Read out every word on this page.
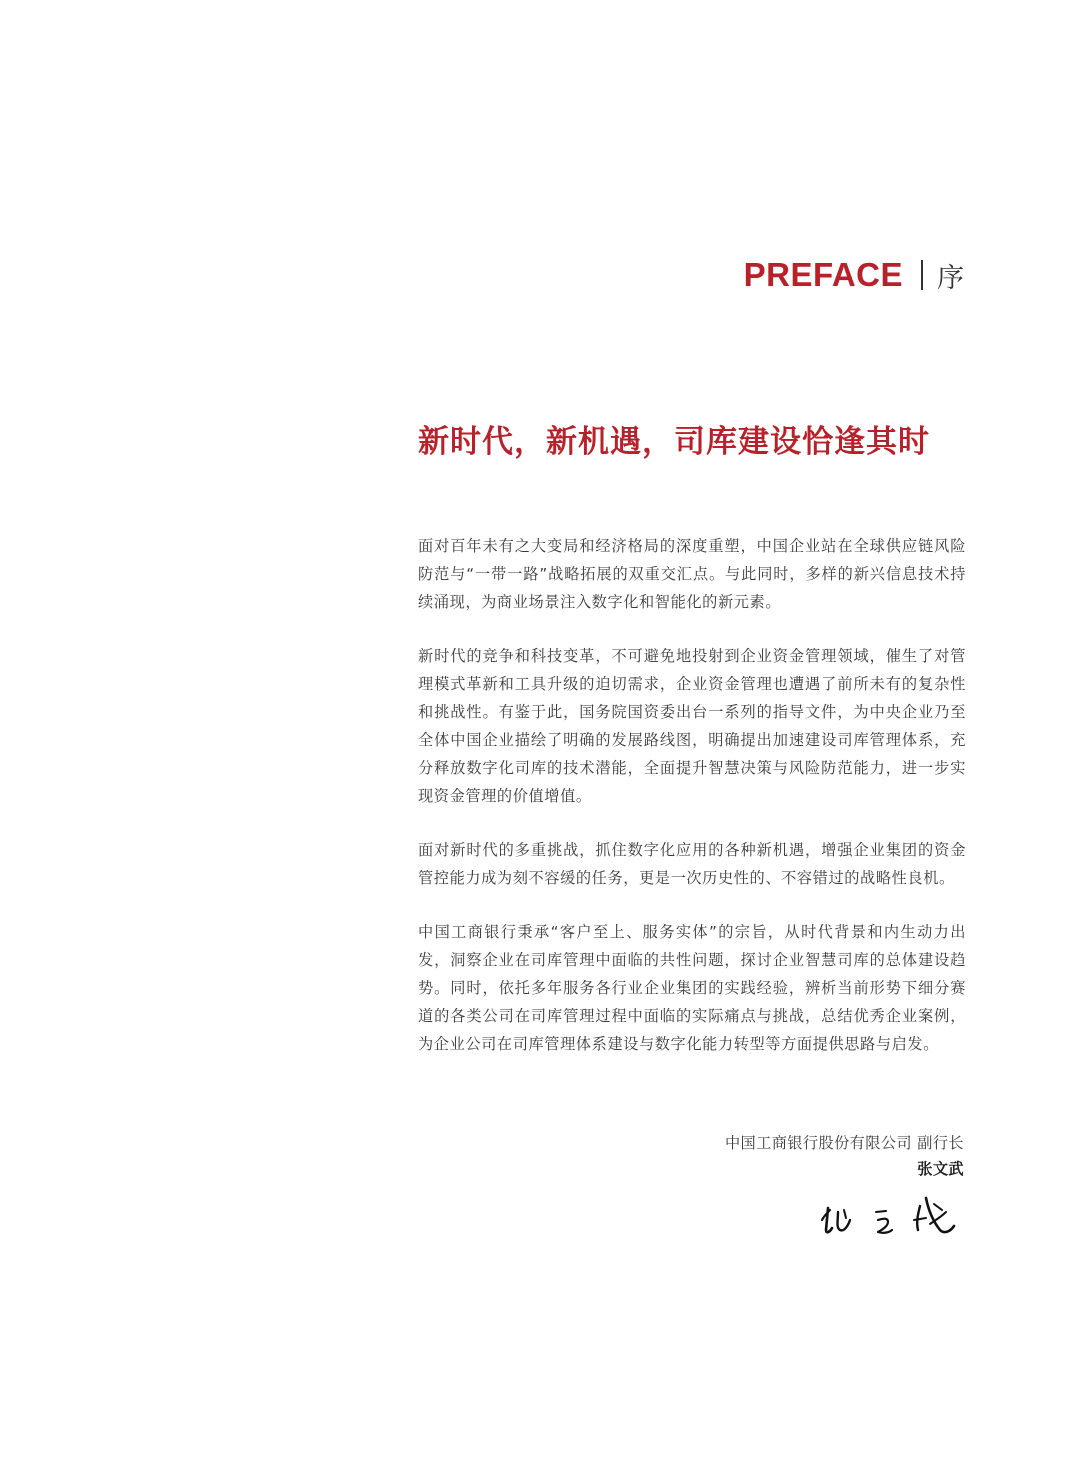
PREFACE 序
新时代，新机遇，司库建设恰逢其时

面对百年未有之大变局和经济格局的深度重塑，中国企业站在全球供应链风险防范与“一带一路”战略拓展的双重交汇点。与此同时，多样的新兴信息技术持续涌现，为商业场景注入数字化和智能化的新元素。

新时代的竞争和科技变革，不可避免地投射到企业资金管理领域，催生了对管理模式革新和工具升级的迫切需求，企业资金管理也遭遇了前所未有的复杂性和挑战性。有鉴于此，国务院国资委出台一系列的指导文件，为中央企业乃至全体中国企业描绘了明确的发展路线图，明确提出加速建设司库管理体系，充分释放数字化司库的技术潜能，全面提升智慧决策与风险防范能力，进一步实现资金管理的价值增值。

面对新时代的多重挑战，抓住数字化应用的各种新机遇，增强企业集团的资金管控能力成为刻不容缓的任务，更是一次历史性的、不容错过的战略性良机。

中国工商银行秉承“客户至上、服务实体”的宗旨，从时代背景和内生动力出发，洞察企业在司库管理中面临的共性问题，探讨企业智慧司库的总体建设趋势。同时，依托多年服务各行业企业集团的实践经验，辨析当前形势下细分赛道的各类公司在司库管理过程中面临的实际痛点与挑战，总结优秀企业案例，为企业公司在司库管理体系建设与数字化能力转型等方面提供思路与启发。

中国工商银行股份有限公司 副行长
张文武
